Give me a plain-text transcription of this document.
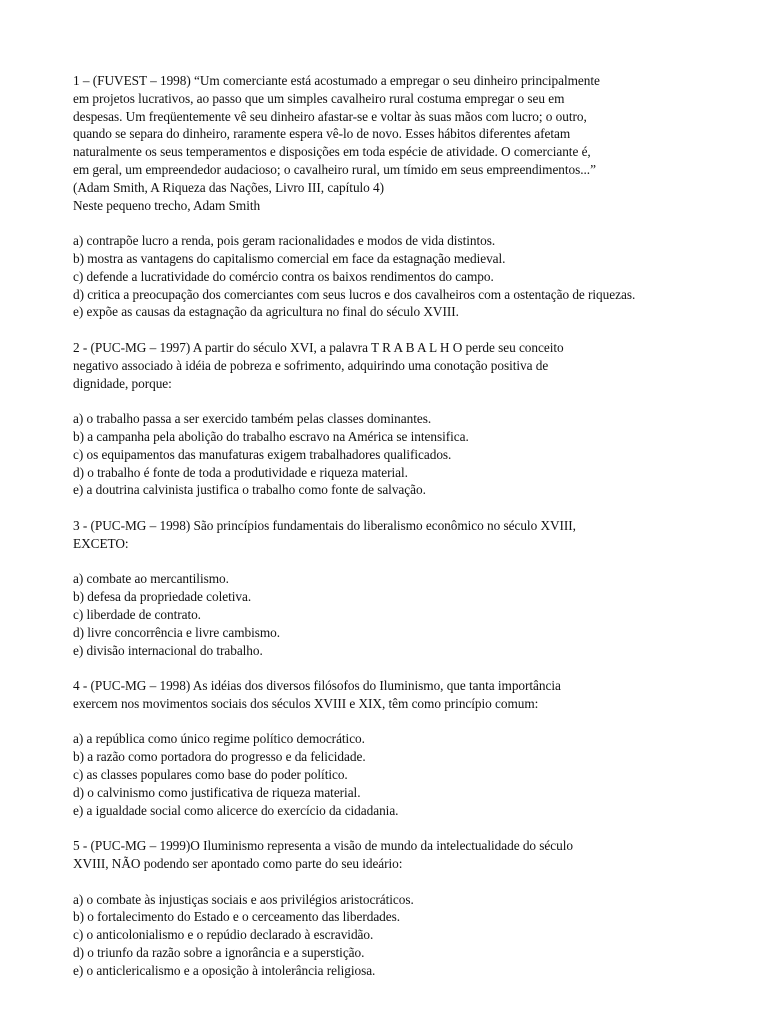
1 – (FUVEST – 1998) “Um comerciante está acostumado a empregar o seu dinheiro principalmente

em projetos lucrativos, ao passo que um simples cavalheiro rural costuma empregar o seu em

despesas. Um freqüentemente vê seu dinheiro afastar-se e voltar às suas mãos com lucro; o outro,

quando se separa do dinheiro, raramente espera vê-lo de novo. Esses hábitos diferentes afetam

naturalmente os seus temperamentos e disposições em toda espécie de atividade. O comerciante é,

em geral, um empreendedor audacioso; o cavalheiro rural, um tímido em seus empreendimentos...”

(Adam Smith, A Riqueza das Nações, Livro III, capítulo 4)

Neste pequeno trecho, Adam Smith

a) contrapõe lucro a renda, pois geram racionalidades e modos de vida distintos.
b) mostra as vantagens do capitalismo comercial em face da estagnação medieval.
c) defende a lucratividade do comércio contra os baixos rendimentos do campo.
d) critica a preocupação dos comerciantes com seus lucros e dos cavalheiros com a ostentação de riquezas.
e) expõe as causas da estagnação da agricultura no final do século XVIII.

2 - (PUC-MG – 1997) A partir do século XVI, a palavra T R A B A L H O perde seu conceito

negativo associado à idéia de pobreza e sofrimento, adquirindo uma conotação positiva de

dignidade, porque:

a) o trabalho passa a ser exercido também pelas classes dominantes.
b) a campanha pela abolição do trabalho escravo na América se intensifica.
c) os equipamentos das manufaturas exigem trabalhadores qualificados.
d) o trabalho é fonte de toda a produtividade e riqueza material.
e) a doutrina calvinista justifica o trabalho como fonte de salvação.

3 - (PUC-MG – 1998) São princípios fundamentais do liberalismo econômico no século XVIII,

EXCETO:

a) combate ao mercantilismo.
b) defesa da propriedade coletiva.
c) liberdade de contrato.
d) livre concorrência e livre cambismo.
e) divisão internacional do trabalho.

4 - (PUC-MG – 1998) As idéias dos diversos filósofos do Iluminismo, que tanta importância

exercem nos movimentos sociais dos séculos XVIII e XIX, têm como princípio comum:

a) a república como único regime político democrático.
b) a razão como portadora do progresso e da felicidade.
c) as classes populares como base do poder político.
d) o calvinismo como justificativa de riqueza material.
e) a igualdade social como alicerce do exercício da cidadania.

5 - (PUC-MG – 1999)O Iluminismo representa a visão de mundo da intelectualidade do século

XVIII, NÃO podendo ser apontado como parte do seu ideário:

a) o combate às injustiças sociais e aos privilégios aristocráticos.
b) o fortalecimento do Estado e o cerceamento das liberdades.
c) o anticolonialismo e o repúdio declarado à escravidão.
d) o triunfo da razão sobre a ignorância e a superstição.
e) o anticlericalismo e a oposição à intolerância religiosa.
